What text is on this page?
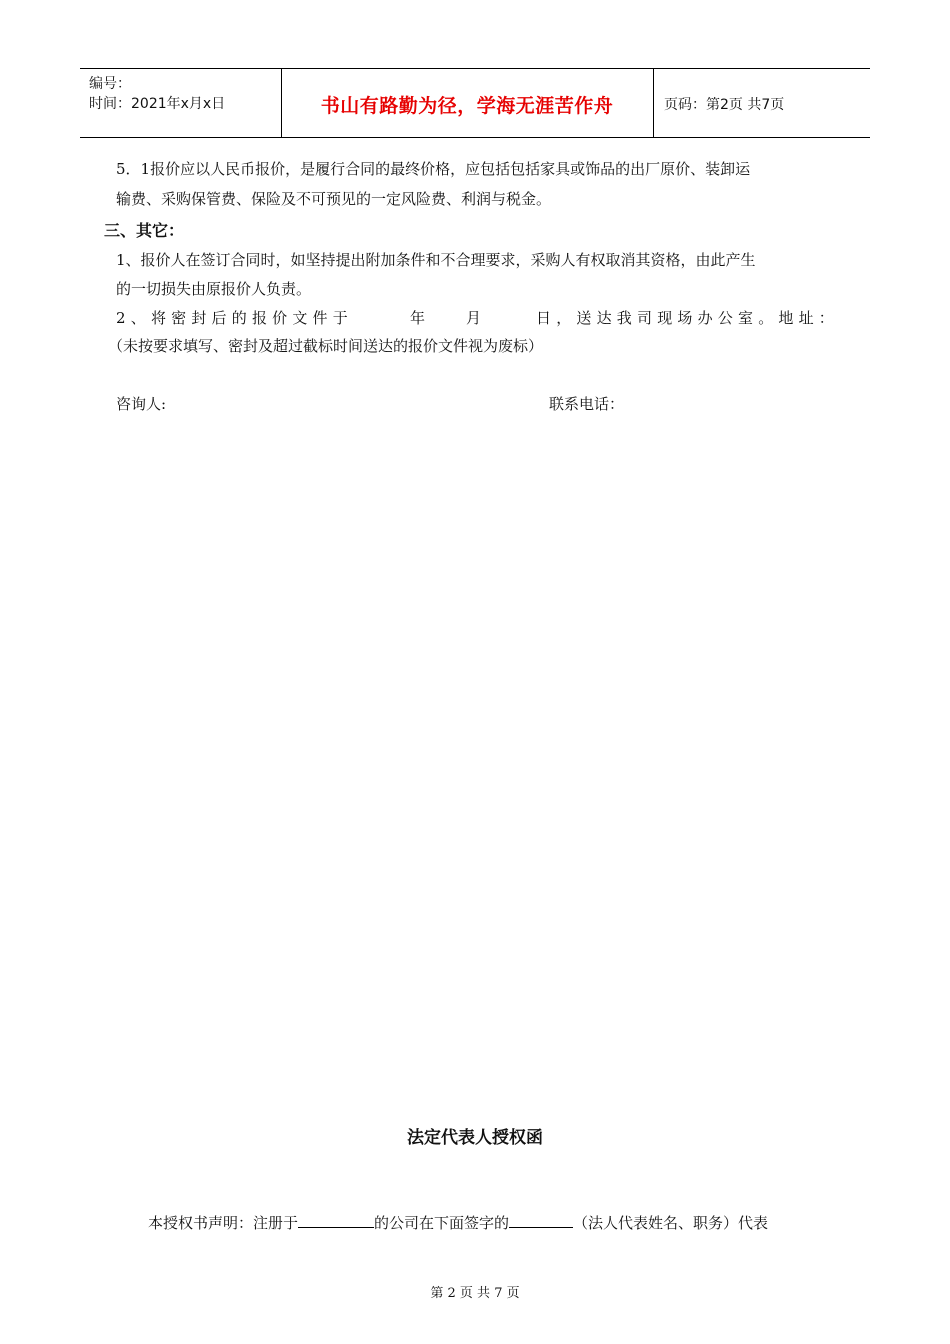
编号：
时间：2021年x月x日	书山有路勤为径，学海无涯苦作舟	页码：第2页 共7页
5．1报价应以人民币报价，是履行合同的最终价格，应包括包括家具或饰品的出厂原价、装卸运
输费、采购保管费、保险及不可预见的一定风险费、利润与税金。
三、其它：
1、报价人在签订合同时，如坚持提出附加条件和不合理要求，采购人有权取消其资格，由此产生
的一切损失由原报价人负责。
2、将密封后的报价文件于	年	月	日，送达我司现场办公室。地址：
（未按要求填写、密封及超过截标时间送达的报价文件视为废标）
咨询人:	联系电话：
法定代表人授权函
本授权书声明：注册于	的公司在下面签字的	（法人代表姓名、职务）代表
第 2 页 共 7 页
